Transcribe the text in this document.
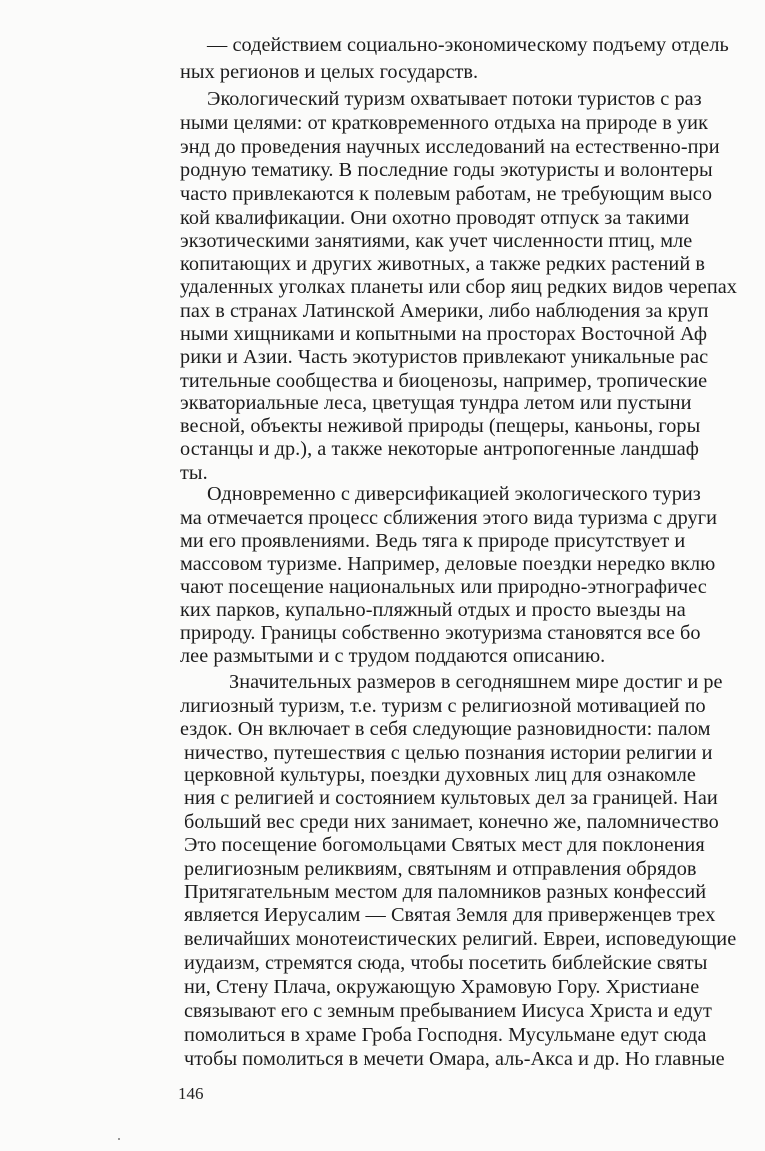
— содействием социально-экономическому подъему отдель
ных регионов и целых государств.
Экологический туризм охватывает потоки туристов с раз
ными целями: от кратковременного отдыха на природе в уик
энд до проведения научных исследований на естественно-при
родную тематику. В последние годы экотуристы и волонтеры
часто привлекаются к полевым работам, не требующим высо
кой квалификации. Они охотно проводят отпуск за такими
экзотическими занятиями, как учет численности птиц, мле
копитающих и других животных, а также редких растений в
удаленных уголках планеты или сбор яиц редких видов черепах
пах в странах Латинской Америки, либо наблюдения за круп
ными хищниками и копытными на просторах Восточной Аф
рики и Азии. Часть экотуристов привлекают уникальные рас
тительные сообщества и биоценозы, например, тропические
экваториальные леса, цветущая тундра летом или пустыни
весной, объекты неживой природы (пещеры, каньоны, горы
останцы и др.), а также некоторые антропогенные ландшаф
ты.
Одновременно с диверсификацией экологического туриз
ма отмечается процесс сближения этого вида туризма с други
ми его проявлениями. Ведь тяга к природе присутствует и
массовом туризме. Например, деловые поездки нередко вклю
чают посещение национальных или природно-этнографичес
ких парков, купально-пляжный отдых и просто выезды на
природу. Границы собственно экотуризма становятся все бо
лее размытыми и с трудом поддаются описанию.
Значительных размеров в сегодняшнем мире достиг и ре
лигиозный туризм, т.е. туризм с религиозной мотивацией по
ездок. Он включает в себя следующие разновидности: палом
ничество, путешествия с целью познания истории религии и
церковной культуры, поездки духовных лиц для ознакомле
ния с религией и состоянием культовых дел за границей. Наи
больший вес среди них занимает, конечно же, паломничество
Это посещение богомольцами Святых мест для поклонения
религиозным реликвиям, святыням и отправления обрядов
Притягательным местом для паломников разных конфессий
является Иерусалим — Святая Земля для приверженцев трех
величайших монотеистических религий. Евреи, исповедующие
иудаизм, стремятся сюда, чтобы посетить библейские святы
ни, Стену Плача, окружающую Храмовую Гору. Христиане
связывают его с земным пребыванием Иисуса Христа и едут
помолиться в храме Гроба Господня. Мусульмане едут сюда
чтобы помолиться в мечети Омара, аль-Акса и др. Но главные
146
